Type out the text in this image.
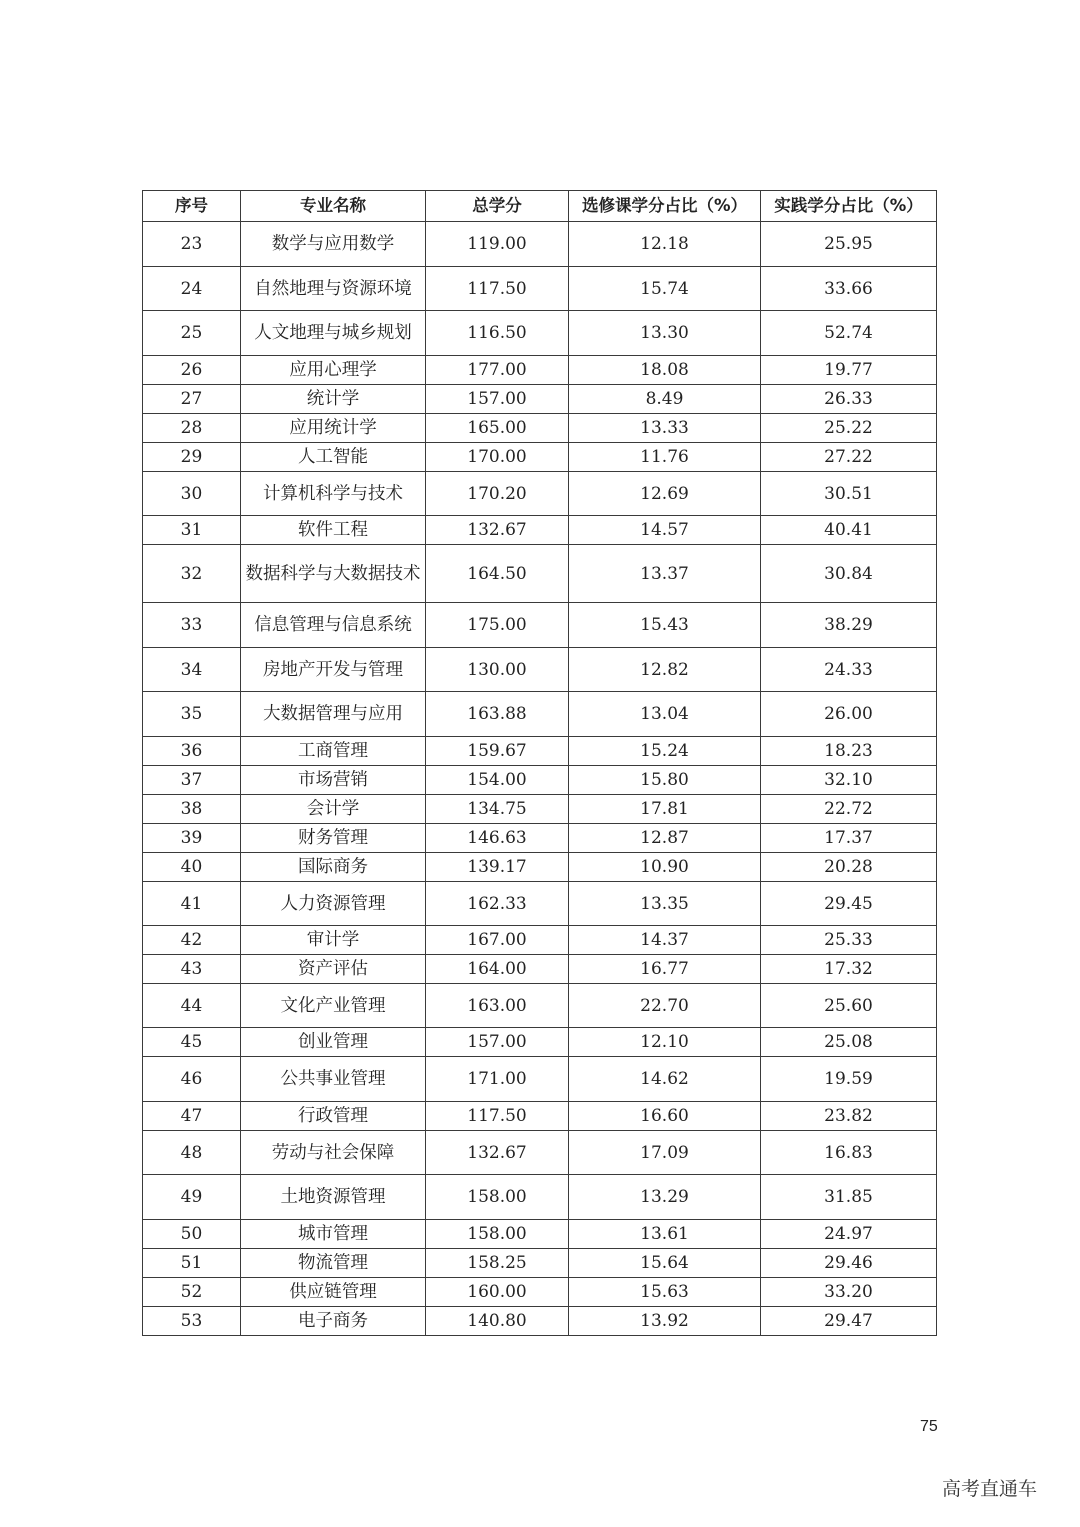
序号	专业名称	总学分	选修课学分占比（%）	实践学分占比（%）
23	数学与应用数学	119.00	12.18	25.95
24	自然地理与资源环境	117.50	15.74	33.66
25	人文地理与城乡规划	116.50	13.30	52.74
26	应用心理学	177.00	18.08	19.77
27	统计学	157.00	8.49	26.33
28	应用统计学	165.00	13.33	25.22
29	人工智能	170.00	11.76	27.22
30	计算机科学与技术	170.20	12.69	30.51
31	软件工程	132.67	14.57	40.41
32	数据科学与大数据技术	164.50	13.37	30.84
33	信息管理与信息系统	175.00	15.43	38.29
34	房地产开发与管理	130.00	12.82	24.33
35	大数据管理与应用	163.88	13.04	26.00
36	工商管理	159.67	15.24	18.23
37	市场营销	154.00	15.80	32.10
38	会计学	134.75	17.81	22.72
39	财务管理	146.63	12.87	17.37
40	国际商务	139.17	10.90	20.28
41	人力资源管理	162.33	13.35	29.45
42	审计学	167.00	14.37	25.33
43	资产评估	164.00	16.77	17.32
44	文化产业管理	163.00	22.70	25.60
45	创业管理	157.00	12.10	25.08
46	公共事业管理	171.00	14.62	19.59
47	行政管理	117.50	16.60	23.82
48	劳动与社会保障	132.67	17.09	16.83
49	土地资源管理	158.00	13.29	31.85
50	城市管理	158.00	13.61	24.97
51	物流管理	158.25	15.64	29.46
52	供应链管理	160.00	15.63	33.20
53	电子商务	140.80	13.92	29.47
75
高考直通车
